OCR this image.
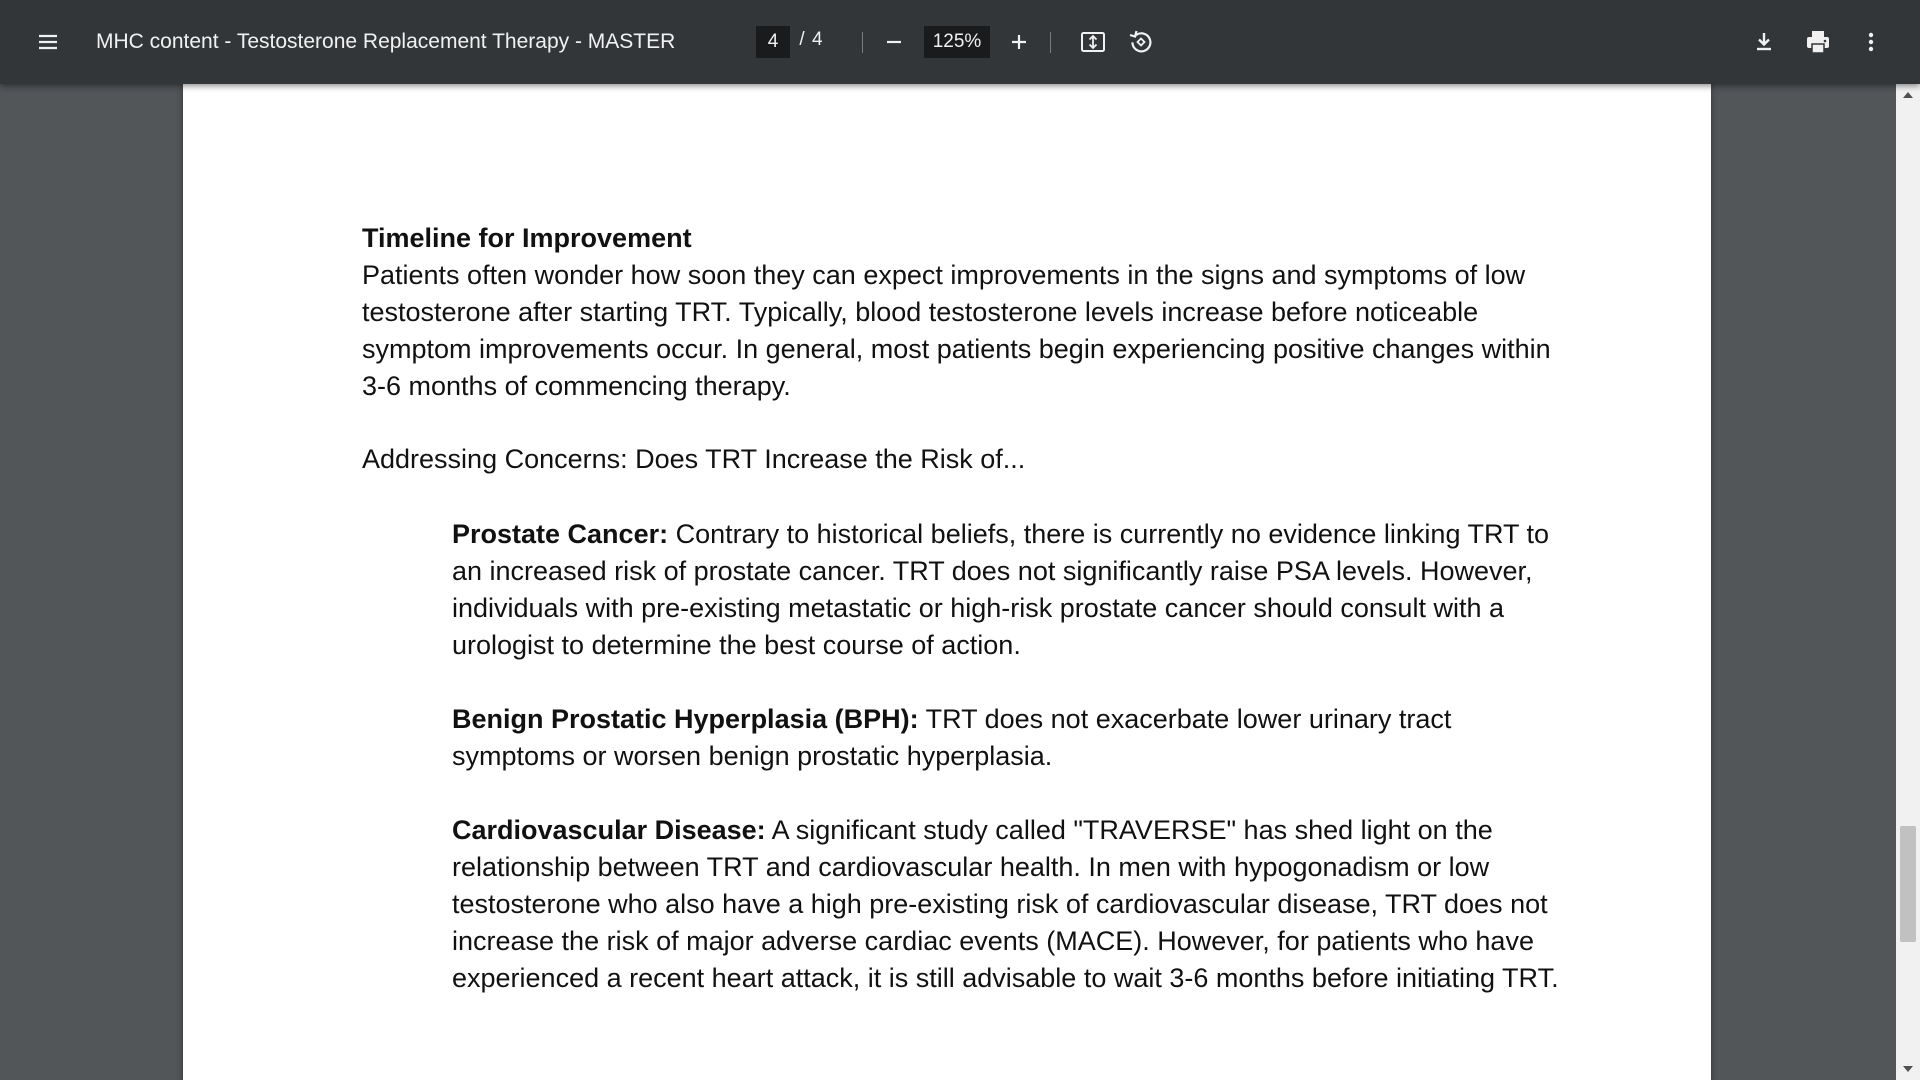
MHC content - Testosterone Replacement Therapy - MASTER
4	/ 4
125%

Timeline for Improvement

Patients often wonder how soon they can expect improvements in the signs and symptoms of low testosterone after starting TRT. Typically, blood testosterone levels increase before noticeable symptom improvements occur. In general, most patients begin experiencing positive changes within 3-6 months of commencing therapy.

Addressing Concerns: Does TRT Increase the Risk of...

Prostate Cancer: Contrary to historical beliefs, there is currently no evidence linking TRT to an increased risk of prostate cancer. TRT does not significantly raise PSA levels. However, individuals with pre-existing metastatic or high-risk prostate cancer should consult with a urologist to determine the best course of action.

Benign Prostatic Hyperplasia (BPH): TRT does not exacerbate lower urinary tract symptoms or worsen benign prostatic hyperplasia.

Cardiovascular Disease: A significant study called "TRAVERSE" has shed light on the relationship between TRT and cardiovascular health. In men with hypogonadism or low testosterone who also have a high pre-existing risk of cardiovascular disease, TRT does not increase the risk of major adverse cardiac events (MACE). However, for patients who have experienced a recent heart attack, it is still advisable to wait 3-6 months before initiating TRT.
